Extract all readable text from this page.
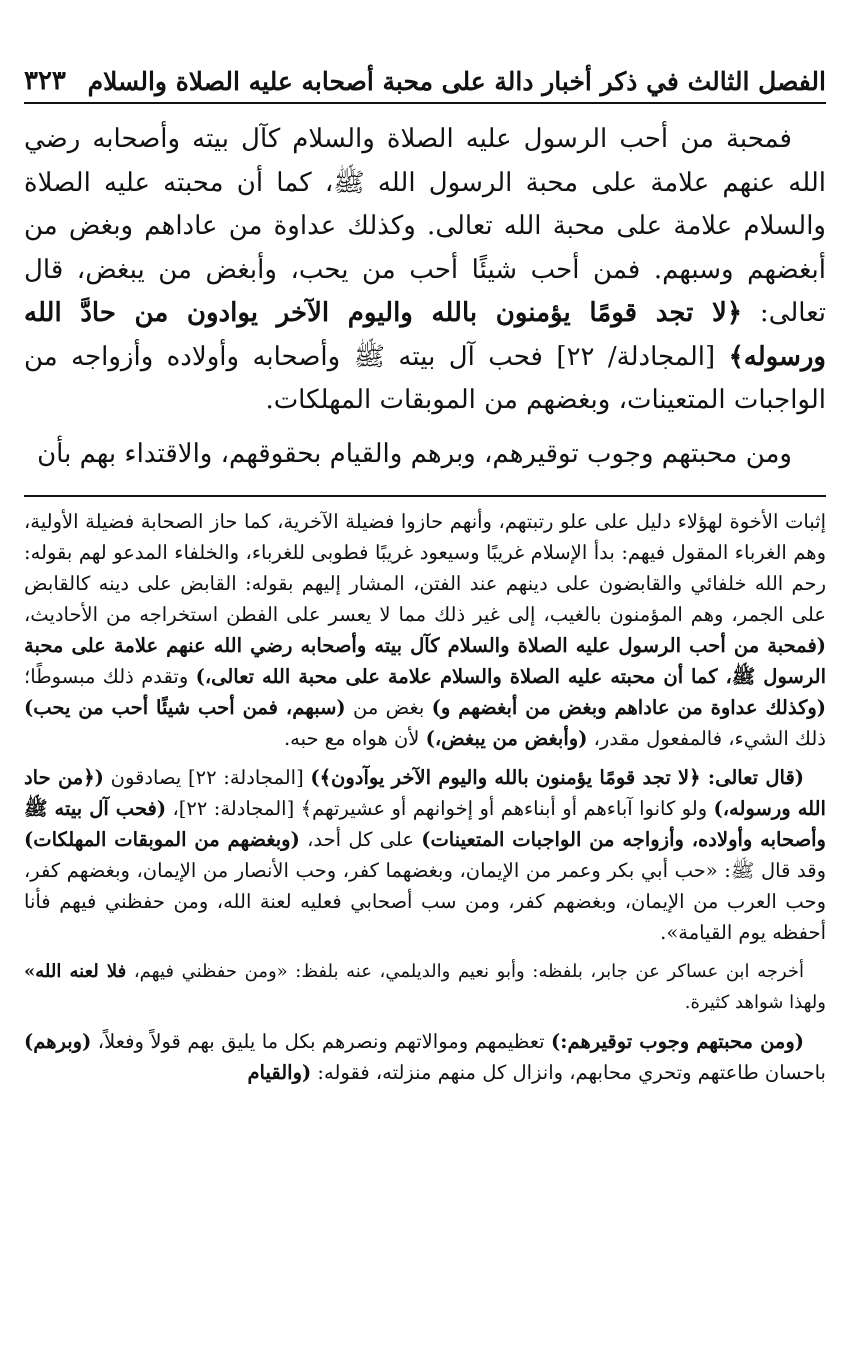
الفصل الثالث في ذكر أخبار دالة على محبة أصحابه عليه الصلاة والسلام
٣٢٣

فمحبة من أحب الرسول عليه الصلاة والسلام كآل بيته وأصحابه رضي الله عنهم علامة على محبة الرسول الله ﷺ، كما أن محبته عليه الصلاة والسلام علامة على محبة الله تعالى. وكذلك عداوة من عاداهم وبغض من أبغضهم وسبهم. فمن أحب شيئًا أحب من يحب، وأبغض من يبغض، قال تعالى: ﴿لا تجد قومًا يؤمنون بالله واليوم الآخر يوادون من حادَّ الله ورسوله﴾ [المجادلة/ ٢٢] فحب آل بيته ﷺ وأصحابه وأولاده وأزواجه من الواجبات المتعينات، وبغضهم من الموبقات المهلكات.

ومن محبتهم وجوب توقيرهم، وبرهم والقيام بحقوقهم، والاقتداء بهم بأن

إثبات الأخوة لهؤلاء دليل على علو رتبتهم، وأنهم حازوا فضيلة الآخرية، كما حاز الصحابة فضيلة الأولية، وهم الغرباء المقول فيهم: بدأ الإسلام غريبًا وسيعود غريبًا فطوبى للغرباء، والخلفاء المدعو لهم بقوله: رحم الله خلفائي والقابضون على دينهم عند الفتن، المشار إليهم بقوله: القابض على دينه كالقابض على الجمر، وهم المؤمنون بالغيب، إلى غير ذلك مما لا يعسر على الفطن استخراجه من الأحاديث، (فمحبة من أحب الرسول عليه الصلاة والسلام كآل بيته وأصحابه رضي الله عنهم علامة على محبة الرسول ﷺ، كما أن محبته عليه الصلاة والسلام علامة على محبة الله تعالى،) وتقدم ذلك مبسوطًا؛ (وكذلك عداوة من عاداهم وبغض من أبغضهم و) بغض من (سبهم، فمن أحب شيئًا أحب من يحب) ذلك الشيء، فالمفعول مقدر، (وأبغض من يبغض،) لأن هواه مع حبه.

(قال تعالى: ﴿لا تجد قومًا يؤمنون بالله واليوم الآخر يوآدون﴾) [المجادلة: ٢٢] يصادقون (﴿من حاد الله ورسوله،) ولو كانوا آباءهم أو أبناءهم أو إخوانهم أو عشيرتهم﴾ [المجادلة: ٢٢]، (فحب آل بيته ﷺ وأصحابه وأولاده، وأزواجه من الواجبات المتعينات) على كل أحد، (وبغضهم من الموبقات المهلكات) وقد قال ﷺ: «حب أبي بكر وعمر من الإيمان، وبغضهما كفر، وحب الأنصار من الإيمان، وبغضهم كفر، وحب العرب من الإيمان، وبغضهم كفر، ومن سب أصحابي فعليه لعنة الله، ومن حفظني فيهم فأنا أحفظه يوم القيامة».

أخرجه ابن عساكر عن جابر، بلفظه: وأبو نعيم والديلمي، عنه بلفظ: «ومن حفظني فيهم، فلا لعنه الله» ولهذا شواهد كثيرة.

(ومن محبتهم وجوب توقيرهم:) تعظيمهم وموالاتهم ونصرهم بكل ما يليق بهم قولاً وفعلاً، (وبرهم) باحسان طاعتهم وتحري محابهم، وانزال كل منهم منزلته، فقوله: (والقيام
